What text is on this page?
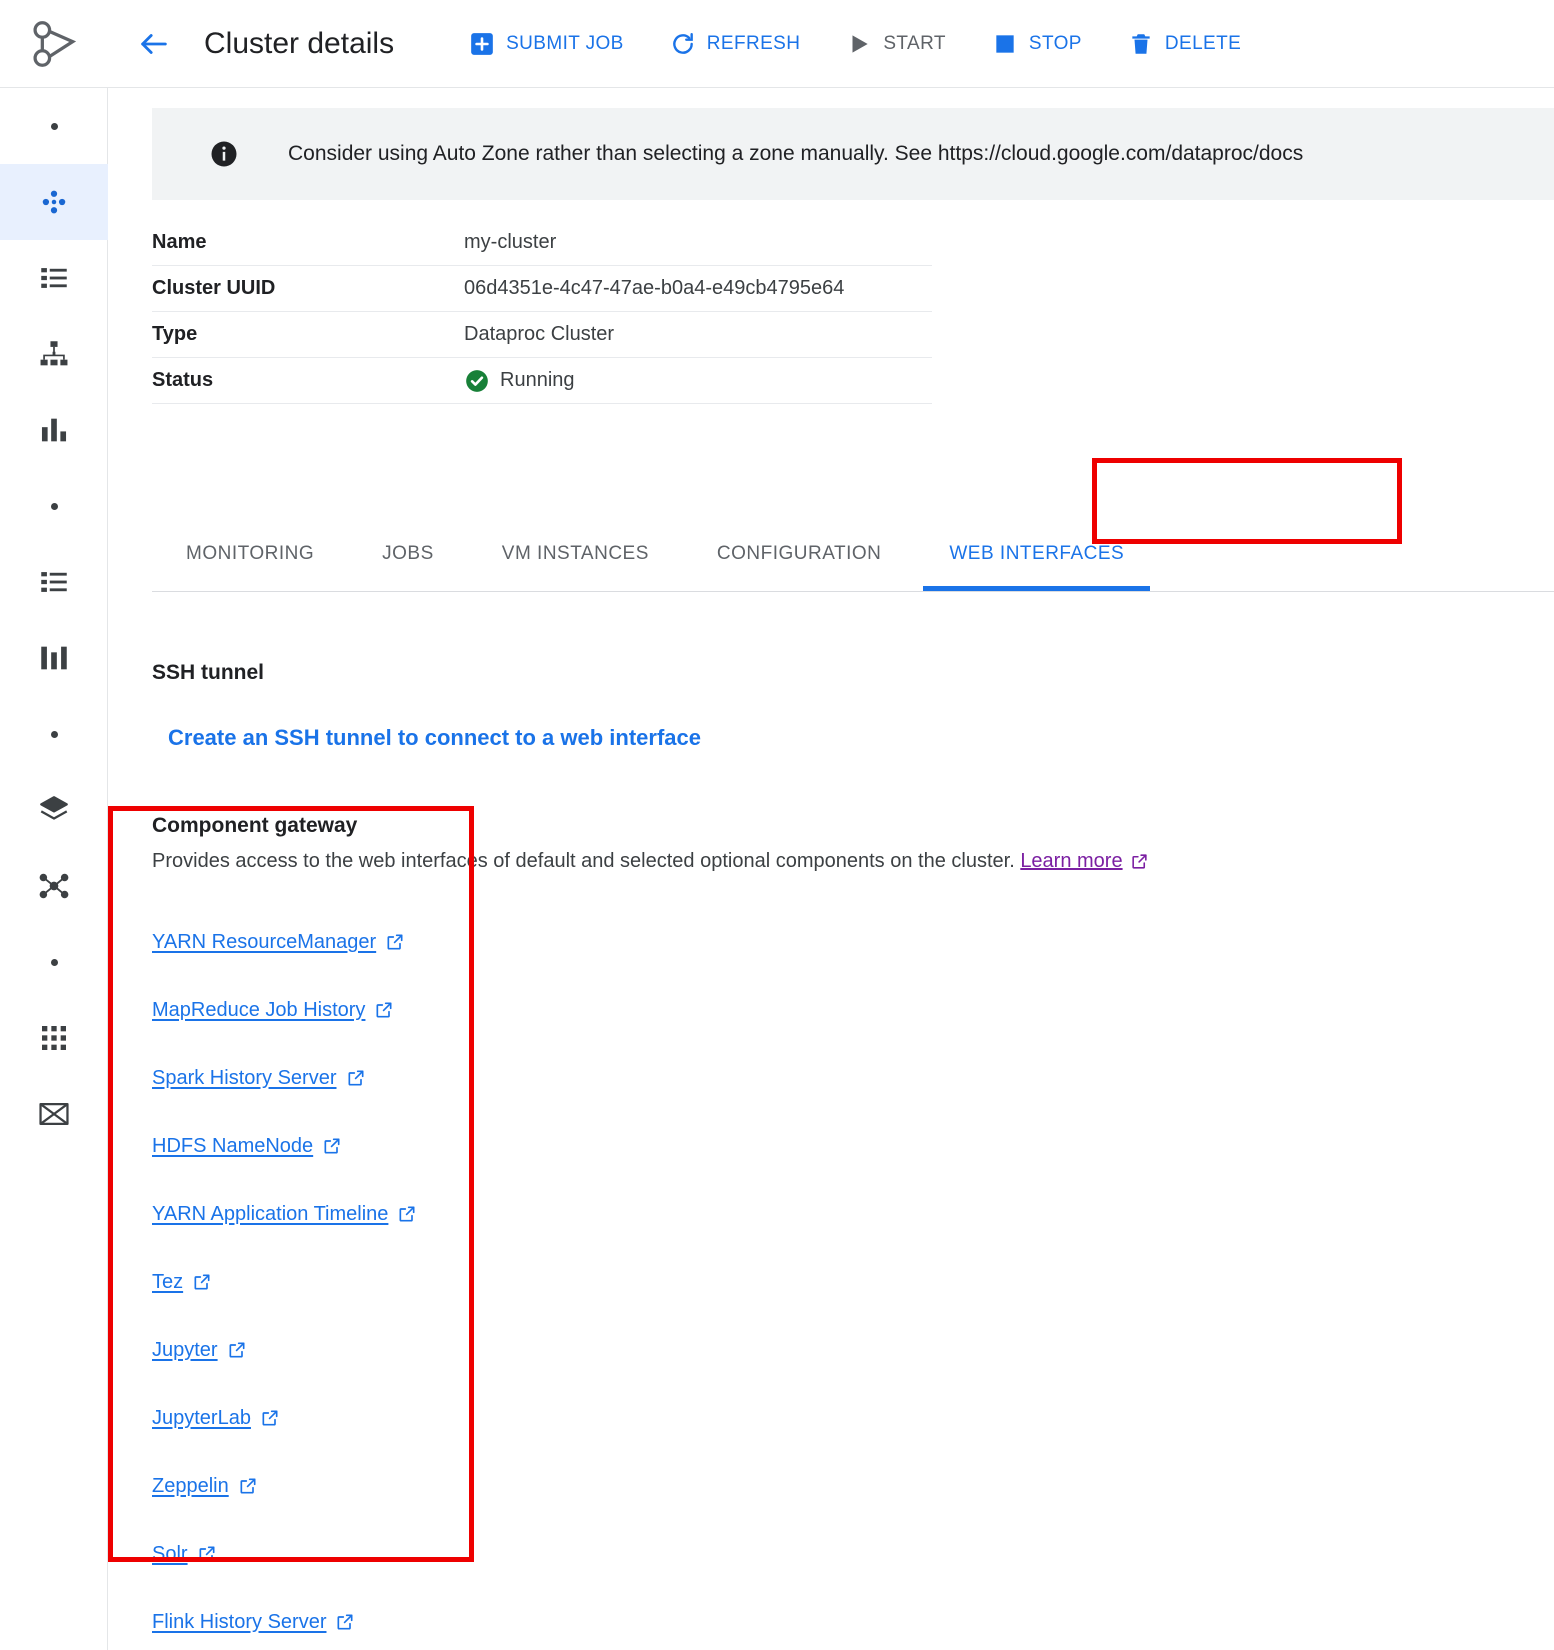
Cluster details	SUBMIT JOB	REFRESH	START	STOP	DELETE
Consider using Auto Zone rather than selecting a zone manually. See https://cloud.google.com/dataproc/docs
Name	my-cluster
Cluster UUID	06d4351e-4c47-47ae-b0a4-e49cb4795e64
Type	Dataproc Cluster
Status	Running
MONITORING	JOBS	VM INSTANCES	CONFIGURATION	WEB INTERFACES
SSH tunnel
Create an SSH tunnel to connect to a web interface
Component gateway
Provides access to the web interfaces of default and selected optional components on the cluster. Learn more
YARN ResourceManager
MapReduce Job History
Spark History Server
HDFS NameNode
YARN Application Timeline
Tez
Jupyter
JupyterLab
Zeppelin
Solr
Flink History Server
